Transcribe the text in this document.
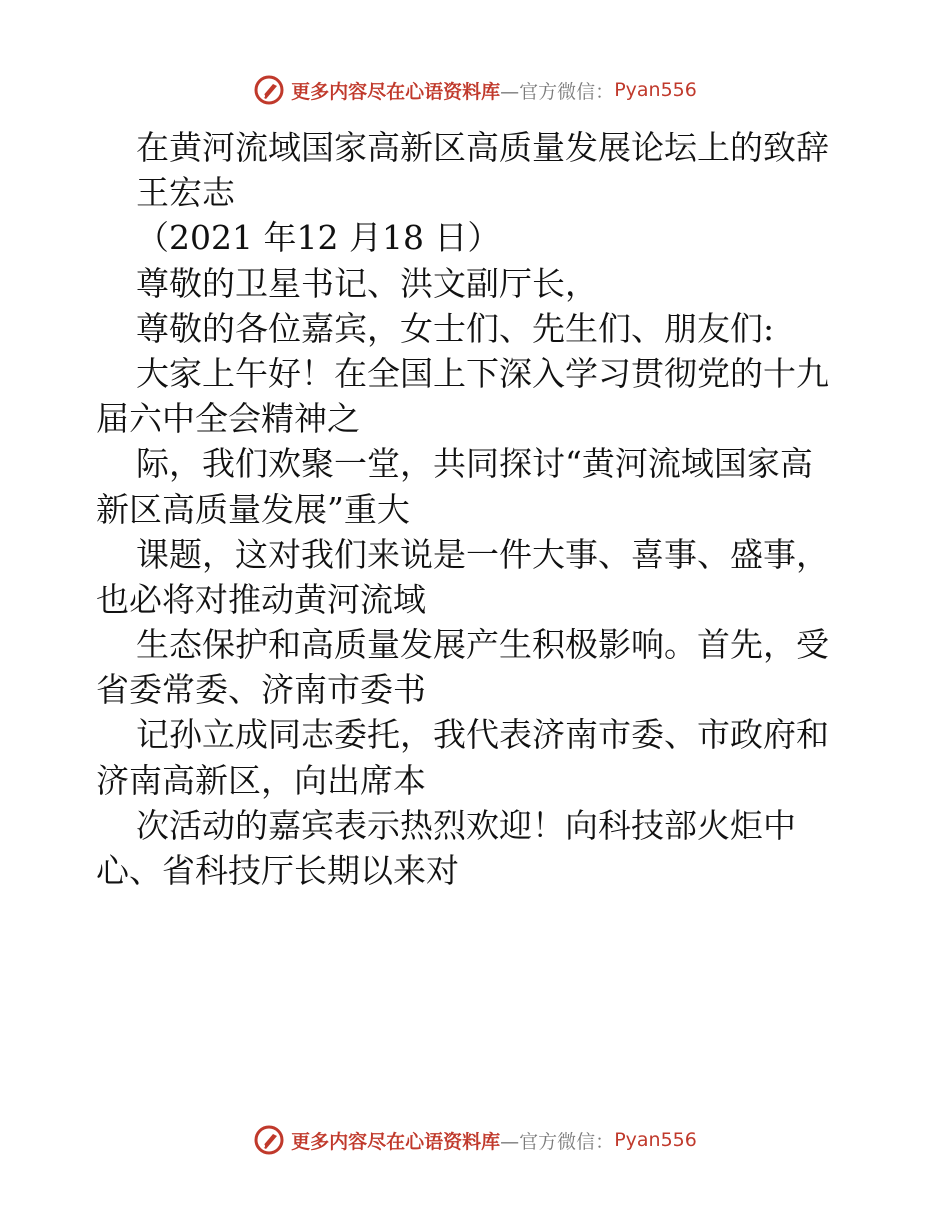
更多内容尽在心语资料库 —官方微信： Pyan556
在黄河流域国家高新区高质量发展论坛上的致辞
王宏志
（2021 年12 月18 日）
尊敬的卫星书记、洪文副厅长，
尊敬的各位嘉宾，女士们、先生们、朋友们:
大家上午好！在全国上下深入学习贯彻党的十九
届六中全会精神之
际，我们欢聚一堂，共同探讨“黄河流域国家高
新区高质量发展”重大
课题，这对我们来说是一件大事、喜事、盛事，
也必将对推动黄河流域
生态保护和高质量发展产生积极影响。首先，受
省委常委、济南市委书
记孙立成同志委托，我代表济南市委、市政府和
济南高新区，向出席本
次活动的嘉宾表示热烈欢迎！向科技部火炬中
心、省科技厅长期以来对
更多内容尽在心语资料库 —官方微信： Pyan556
